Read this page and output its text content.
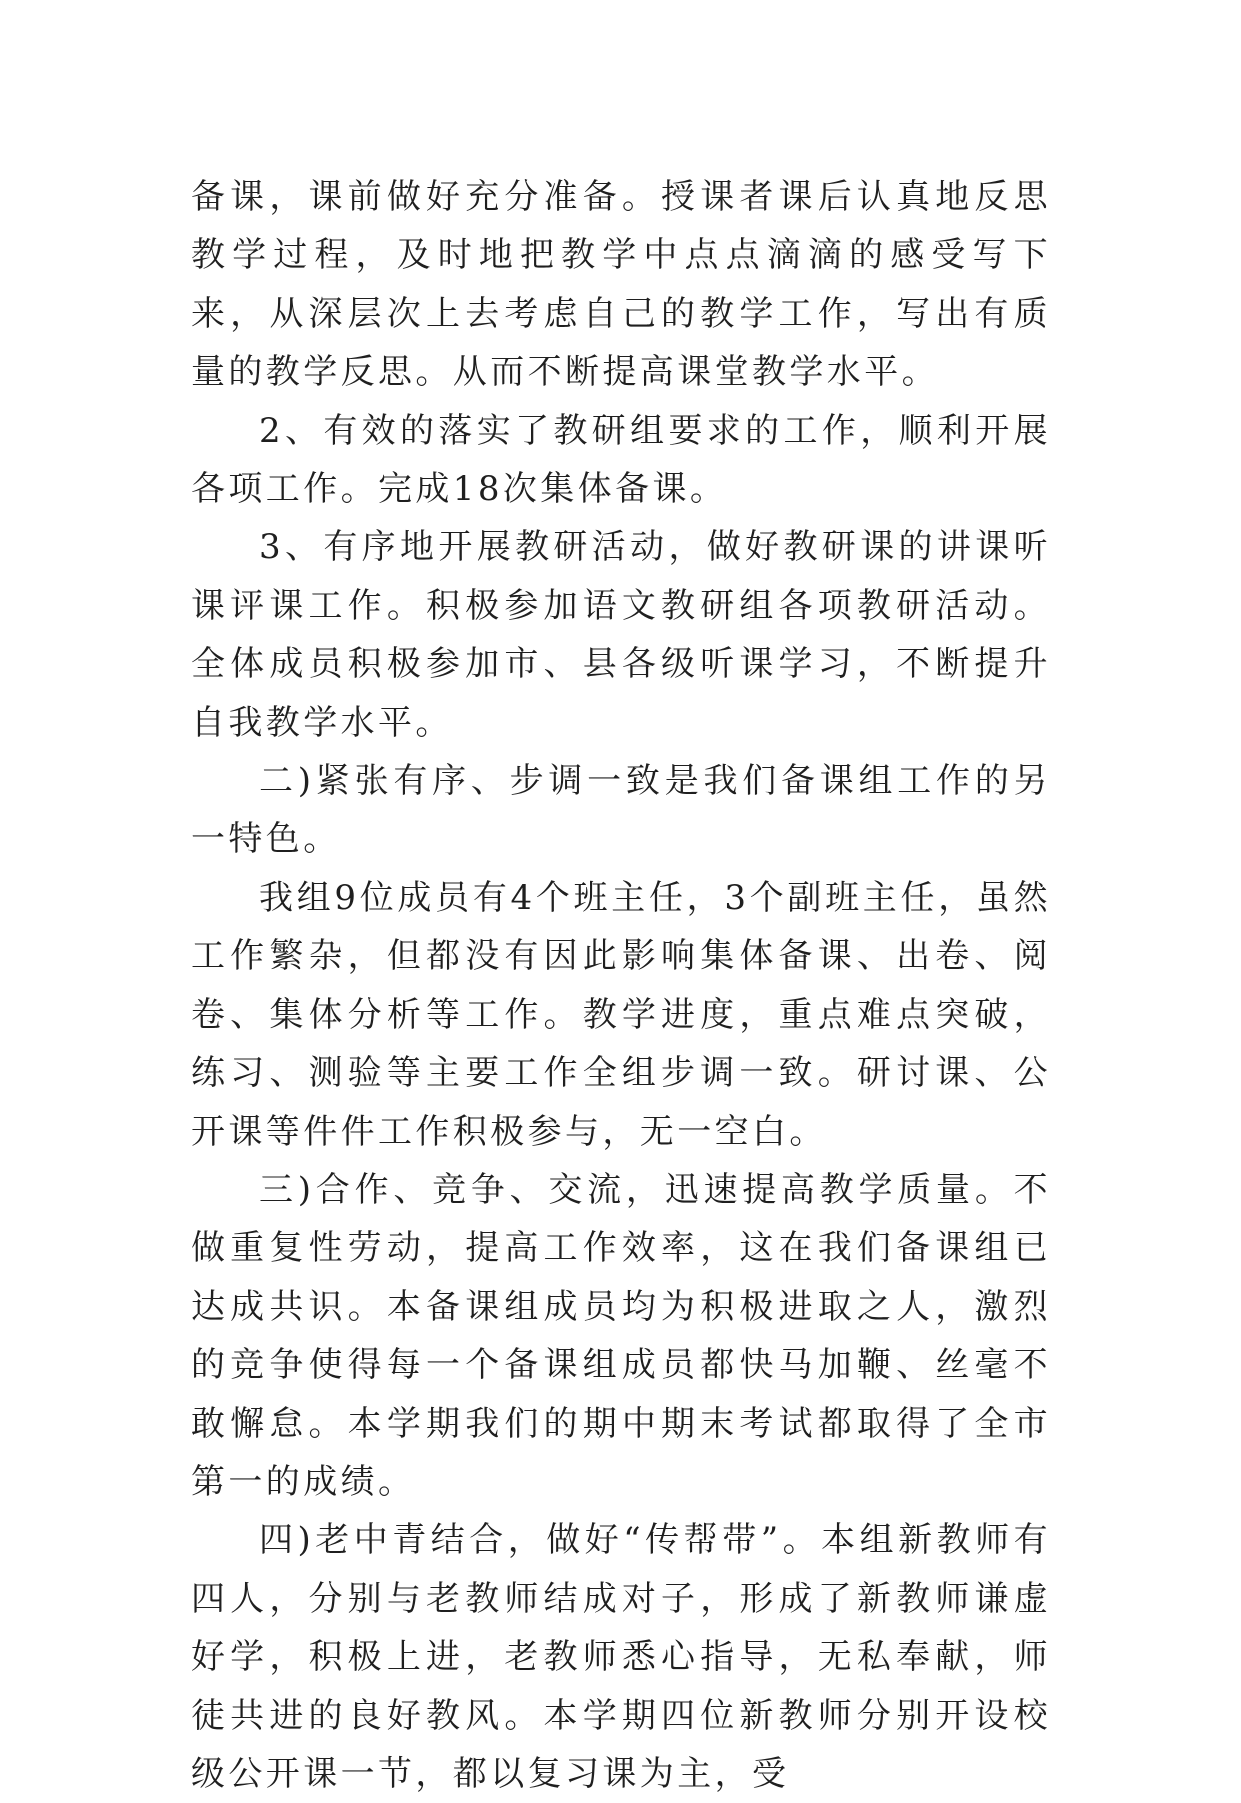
备课，课前做好充分准备。授课者课后认真地反思教学过程，及时地把教学中点点滴滴的感受写下来，从深层次上去考虑自己的教学工作，写出有质量的教学反思。从而不断提高课堂教学水平。

2、有效的落实了教研组要求的工作，顺利开展各项工作。完成18次集体备课。

3、有序地开展教研活动，做好教研课的讲课听课评课工作。积极参加语文教研组各项教研活动。全体成员积极参加市、县各级听课学习，不断提升自我教学水平。

二)紧张有序、步调一致是我们备课组工作的另一特色。

我组9位成员有4个班主任，3个副班主任，虽然工作繁杂，但都没有因此影响集体备课、出卷、阅卷、集体分析等工作。教学进度，重点难点突破，练习、测验等主要工作全组步调一致。研讨课、公开课等件件工作积极参与，无一空白。

三)合作、竞争、交流，迅速提高教学质量。不做重复性劳动，提高工作效率，这在我们备课组已达成共识。本备课组成员均为积极进取之人，激烈的竞争使得每一个备课组成员都快马加鞭、丝毫不敢懈怠。本学期我们的期中期末考试都取得了全市第一的成绩。

四)老中青结合，做好“传帮带”。本组新教师有四人，分别与老教师结成对子，形成了新教师谦虚好学，积极上进，老教师悉心指导，无私奉献，师徒共进的良好教风。本学期四位新教师分别开设校级公开课一节，都以复习课为主，受
